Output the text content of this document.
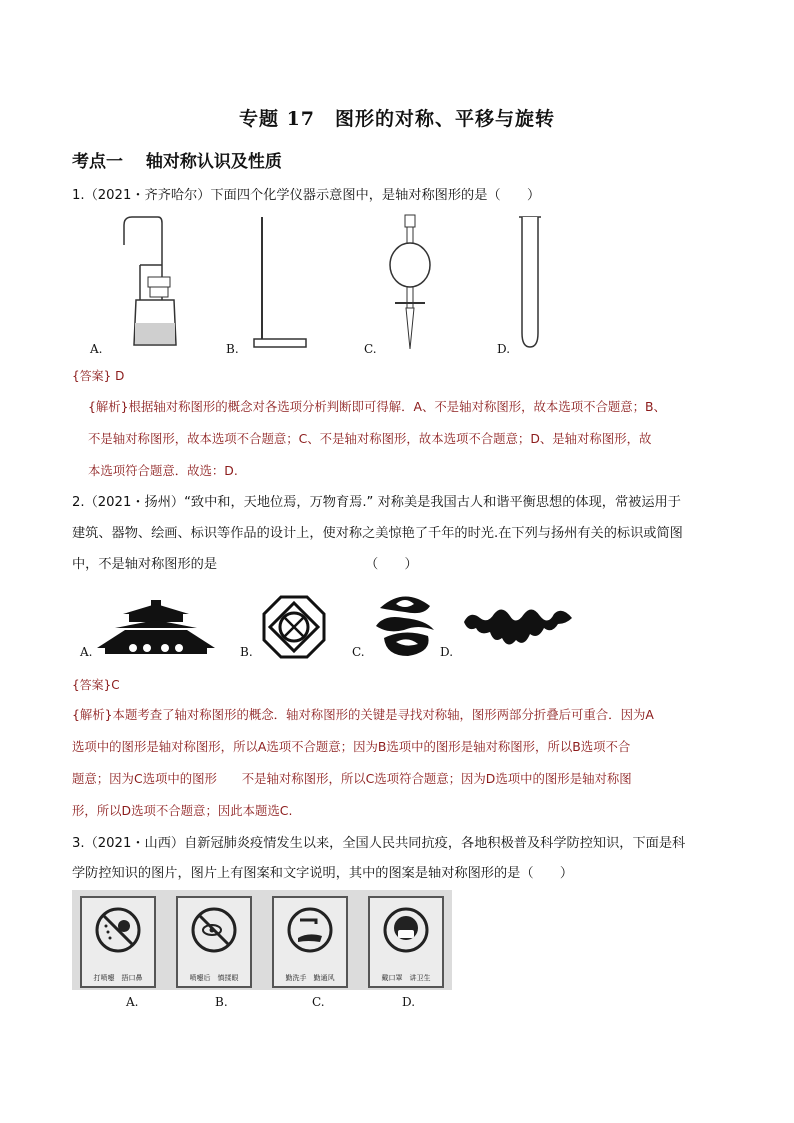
专题 17　图形的对称、平移与旋转
考点一　 轴对称认识及性质
1.（2021・齐齐哈尔）下面四个化学仪器示意图中，是轴对称图形的是（　　）
A.	B.	C.	D.
{答案} D
{解析}根据轴对称图形的概念对各选项分析判断即可得解．A、不是轴对称图形，故本选项不合题意；B、
不是轴对称图形，故本选项不合题意；C、不是轴对称图形，故本选项不合题意；D、是轴对称图形，故
本选项符合题意．故选：D.
2.（2021・扬州）“致中和，天地位焉，万物育焉.” 对称美是我国古人和谐平衡思想的体现，常被运用于
建筑、器物、绘画、标识等作品的设计上，使对称之美惊艳了千年的时光.在下列与扬州有关的标识或简图
中，不是轴对称图形的是	（　　）
A.	B.	C.	D.
{答案}C
{解析}本题考查了轴对称图形的概念．轴对称图形的关键是寻找对称轴，图形两部分折叠后可重合．因为A
选项中的图形是轴对称图形，所以A选项不合题意；因为B选项中的图形是轴对称图形，所以B选项不合
题意；因为C选项中的图形　　不是轴对称图形，所以C选项符合题意；因为D选项中的图形是轴对称图
形，所以D选项不合题意；因此本题选C.
3.（2021・山西）自新冠肺炎疫情发生以来，全国人民共同抗疫，各地积极普及科学防控知识，下面是科
学防控知识的图片，图片上有图案和文字说明，其中的图案是轴对称图形的是（　　）
打喷嚏　捂口鼻	喷嚏后　慎揉眼	勤洗手　勤通风	戴口罩　讲卫生
A.	B.	C.	D.
